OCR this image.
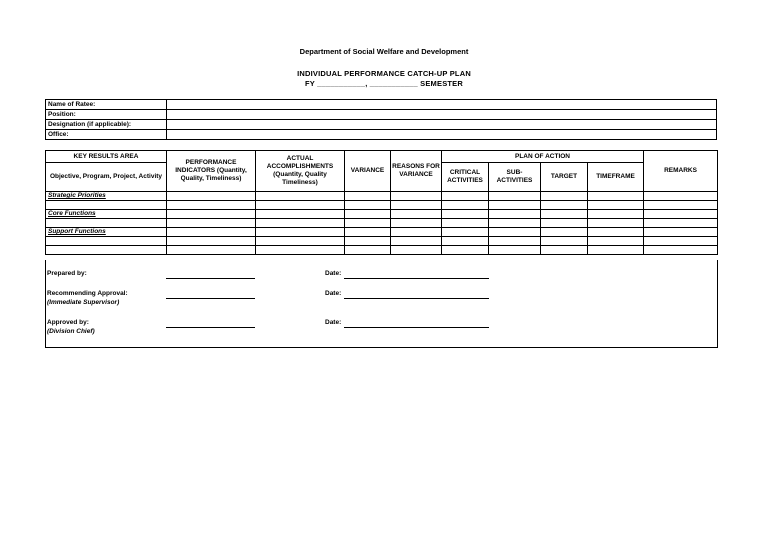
Department of Social Welfare and Development
INDIVIDUAL PERFORMANCE CATCH-UP PLAN
FY ___________, ___________ SEMESTER
Name of Ratee:	
Position:	
Designation (if applicable):	
Office:	
KEY RESULTS AREA	PERFORMANCE INDICATORS (Quantity, Quality, Timeliness)	ACTUAL ACCOMPLISHMENTS (Quantity, Quality Timeliness)	VARIANCE	REASONS FOR VARIANCE	PLAN OF ACTION				REMARKS
Objective, Program, Project, Activity					CRITICAL ACTIVITIES	SUB-ACTIVITIES	TARGET	TIMEFRAME	
Strategic Priorities									

Core Functions									

Support Functions									

Prepared by:	Date:
Recommending Approval:
(Immediate Supervisor)
Date:
Approved by:
(Division Chief)
Date:
